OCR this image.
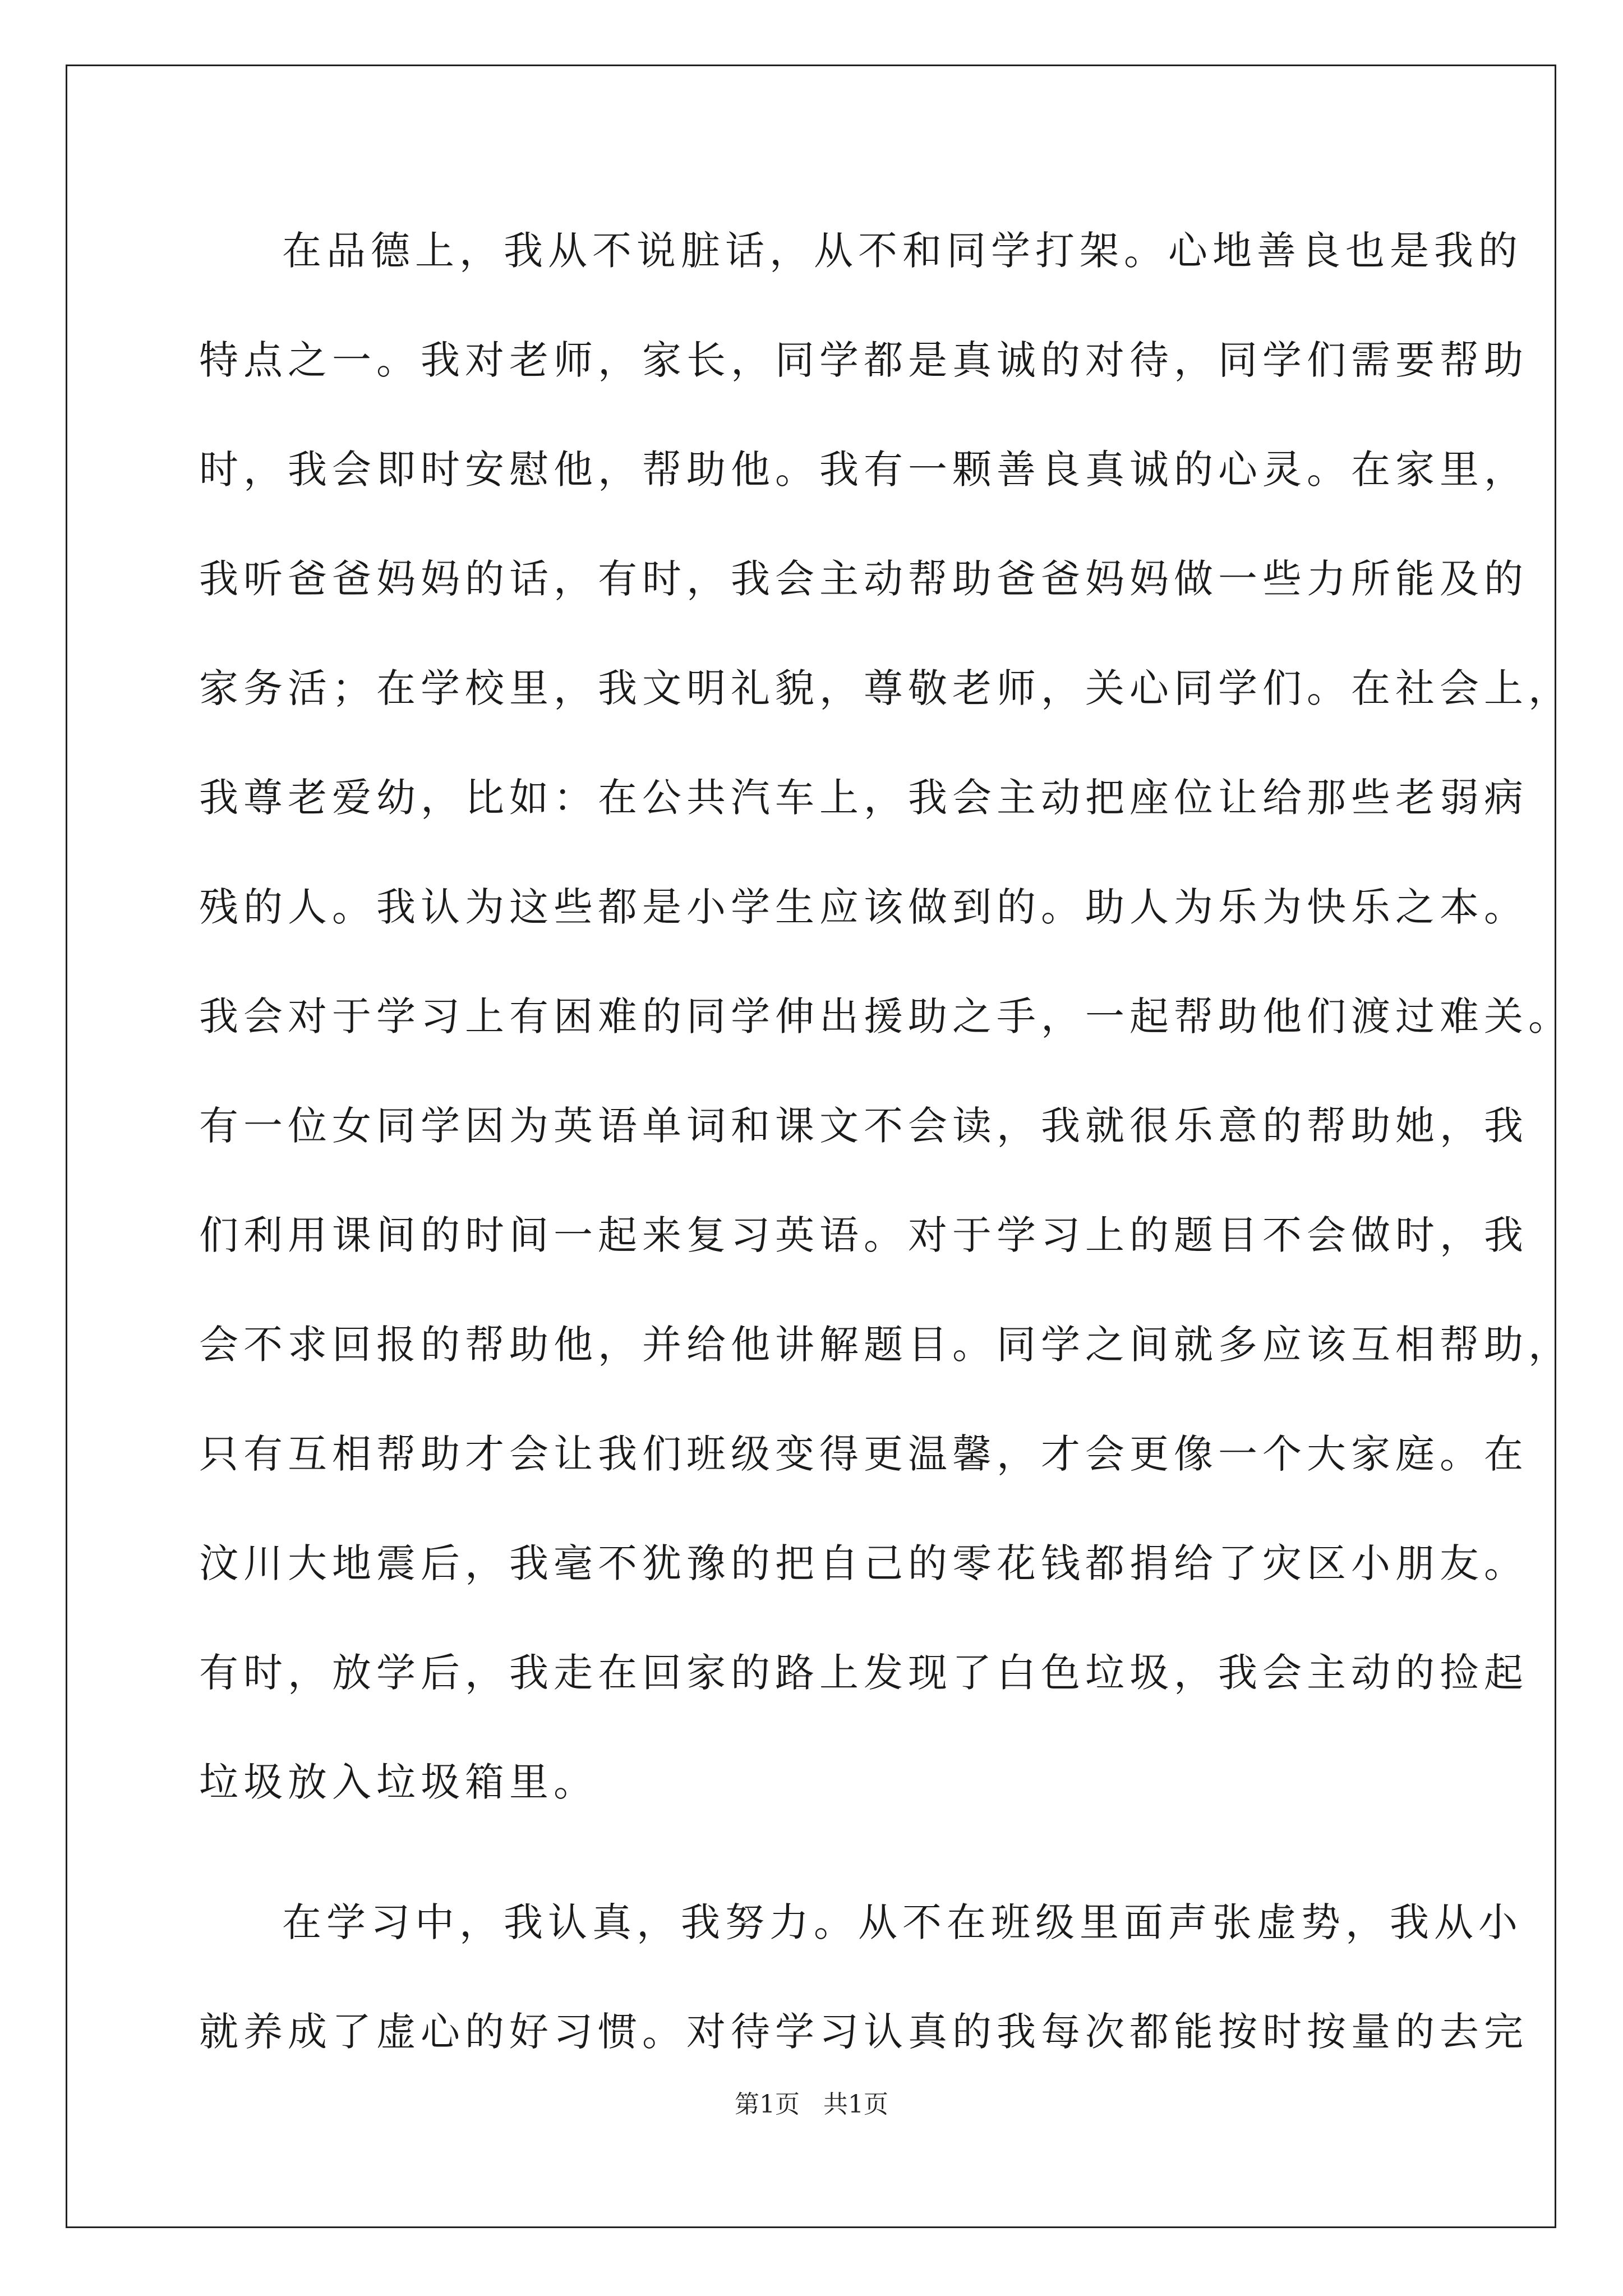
在品德上，我从不说脏话，从不和同学打架。心地善良也是我的
特点之一。我对老师，家长，同学都是真诚的对待，同学们需要帮助
时，我会即时安慰他，帮助他。我有一颗善良真诚的心灵。在家里，
我听爸爸妈妈的话，有时，我会主动帮助爸爸妈妈做一些力所能及的
家务活；在学校里，我文明礼貌，尊敬老师，关心同学们。在社会上，
我尊老爱幼，比如：在公共汽车上，我会主动把座位让给那些老弱病
残的人。我认为这些都是小学生应该做到的。助人为乐为快乐之本。
我会对于学习上有困难的同学伸出援助之手，一起帮助他们渡过难关。
有一位女同学因为英语单词和课文不会读，我就很乐意的帮助她，我
们利用课间的时间一起来复习英语。对于学习上的题目不会做时，我
会不求回报的帮助他，并给他讲解题目。同学之间就多应该互相帮助，
只有互相帮助才会让我们班级变得更温馨，才会更像一个大家庭。在
汶川大地震后，我毫不犹豫的把自己的零花钱都捐给了灾区小朋友。
有时，放学后，我走在回家的路上发现了白色垃圾，我会主动的捡起
垃圾放入垃圾箱里。
在学习中，我认真，我努力。从不在班级里面声张虚势，我从小
就养成了虚心的好习惯。对待学习认真的我每次都能按时按量的去完
第1页   共1页
